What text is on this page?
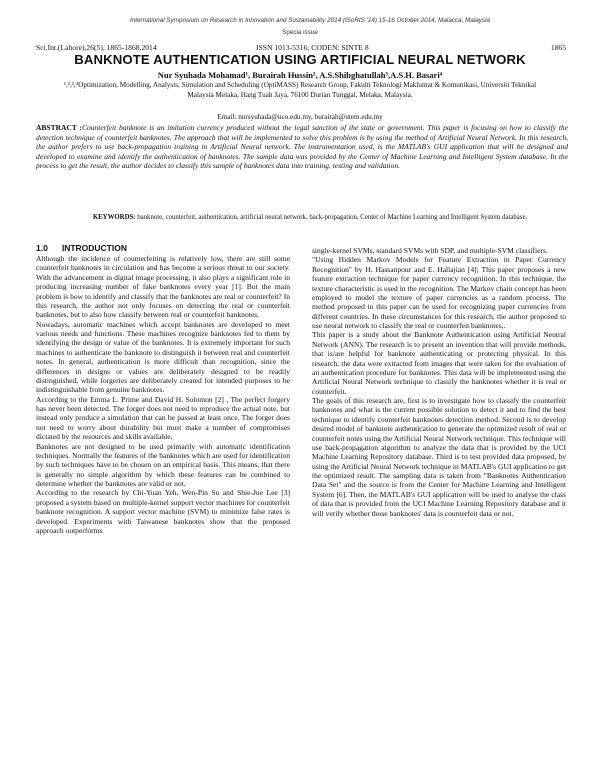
International Symposium on Research in Innovation and Sustainability 2014 (ISoRIS '14) 15-16 October 2014, Malacca, Malaysia
Specia issue
Sci.Int.(Lahore),26(5), 1865-1868,2014	ISSN 1013-5316; CODEN: SINTE 8	1865
BANKNOTE AUTHENTICATION USING ARTIFICIAL NEURAL NETWORK
Nur Syuhada Mohamad¹, Burairah Hussin², A.S.Shibghatullah³,A.S.H. Basari⁴
¹,²,³,⁴Optimization, Modelling, Analysis, Simulation and Scheduling (OptiMASS) Research Group, Fakulti Teknologi Maklumat & Komunikasi, Universiti Teknikal Malaysia Melaka, Hang Tuah Jaya, 76100 Durian Tunggal, Melaka, Malaysia.
Email: nursyuhada@uco.edu.my, burairah@utem.edu.my
ABSTRACT :Counterfeit banknote is an imitation currency produced without the legal sanction of the state or government. This paper is focusing on how to classify the detection technique of counterfeit banknotes. The approach that will be implemented to solve this problem is by using the method of Artificial Neural Network. In this research, the author prefers to use back-propagation training in Artificial Neural network. The instrumentation used, is the MATLAB's GUI application that will be designed and developed to examine and identify the authentication of banknotes. The sample data was provided by the Center of Machine Learning and Intelligent System database. In the process to get the result, the author decides to classify this sample of banknotes data into training, testing and validation.
KEYWORDS: banknote, counterfeit, authentication, artificial neural network, back-propagation, Center of Machine Learning and Intelligent System database.
1.0 INTRODUCTION

Although the incidence of counterfeiting is relatively low, there are still some counterfeit banknotes in circulation and has become a serious threat to our society. With the advancement in digital image processing, it also plays a significant role in producing increasing number of fake banknotes every year [1]. But the main problem is how to identify and classify that the banknotes are real or counterfeit? In this research, the author not only focuses on detecting the real or counterfeit banknotes, but to also how classify between real or counterfeit banknotes.

Nowadays, automatic machines which accept banknotes are developed to meet various needs and functions. These machines recognize banknotes fed to them by identifying the design or value of the banknotes. It is extremely important for such machines to authenticate the banknote to distinguish it between real and counterfeit notes. In general, authentication is more difficult than recognition, since the differences in designs or values are deliberately designed to be readily distinguished, while forgeries are deliberately created for intended purposes to be indistinguishable from genuine banknotes.

According to the Emma L. Prime and David H. Solomon [2] , The perfect forgery has never been detected. The forger does not need to reproduce the actual note, but instead only produce a simulation that can be passed at least once. The forger does not need to worry about durability but must make a number of compromises dictated by the resources and skills available.

Banknotes are not designed to be used primarily with automatic identification techniques. Normally the features of the banknotes which are used for identification by such techniques have to be chosen on an empirical basis. This means, that there is generally no simple algorithm by which these features can be combined to determine whether the banknotes are valid or not.

According to the research by Chi-Yuan Yeh, Wen-Pin Su and Shie-Jue Lee [3] proposed a system based on multiple-kernel support vector machines for counterfeit banknote recognition. A support vector machine (SVM) to minimize false rates is developed. Experiments with Taiwanese banknotes show that the proposed approach outperforms

single-kernel SVMs, standard SVMs with SDP, and multiple-SVM classifiers.

"Using Hidden Markov Models for Feature Extraction in Paper Currency Recognition" by H. Hassanpour and E. Hallajian [4]; This paper proposes a new feature extraction technique for paper currency recognition. In this technique, the texture characteristic is used in the recognition. The Markov chain concept has been employed to model the texture of paper currencies as a random process. The method proposed in this paper can be used for recognizing paper currencies from different countries. In these circumstances for this research, the author proposed to use neural network to classify the real or counterfeit banknotes,.

This paper is a study about the Banknote Authentication using Artificial Neutral Network (ANN). The research is to present an invention that will provide methods, that is/are helpful for banknote authenticating or protecting physical. In this research, the data were extracted from images that were taken for the evaluation of an authentication procedure for banknotes. This data will be implemented using the Artificial Neural Network technique to classify the banknotes whether it is real or counterfeit.

The goals of this research are, first is to investigate how to classify the counterfeit banknotes and what is the current possible solution to detect it and to find the best technique to identify counterfeit banknotes detection method. Second is to develop desired model of banknote authentication to generate the optimized result of real or counterfeit notes using the Artificial Neural Network technique. This technique will use back-propagation algorithm to analyze the data that is provided by the UCI Machine Learning Repository database. Third is to test provided data proposed, by using the Artificial Neural Network technique in MATLAB's GUI application to get the optimized result. The sampling data is taken from "Banknotes Authentication Data Set" and the source is from the Center for Machine Learning and Intelligent System [6]. Then, the MATLAB's GUI application will be used to analyse the class of data that is provided from the UCI Machine Learning Repository database and it will verify whether those banknotes' data is counterfeit data or not.
